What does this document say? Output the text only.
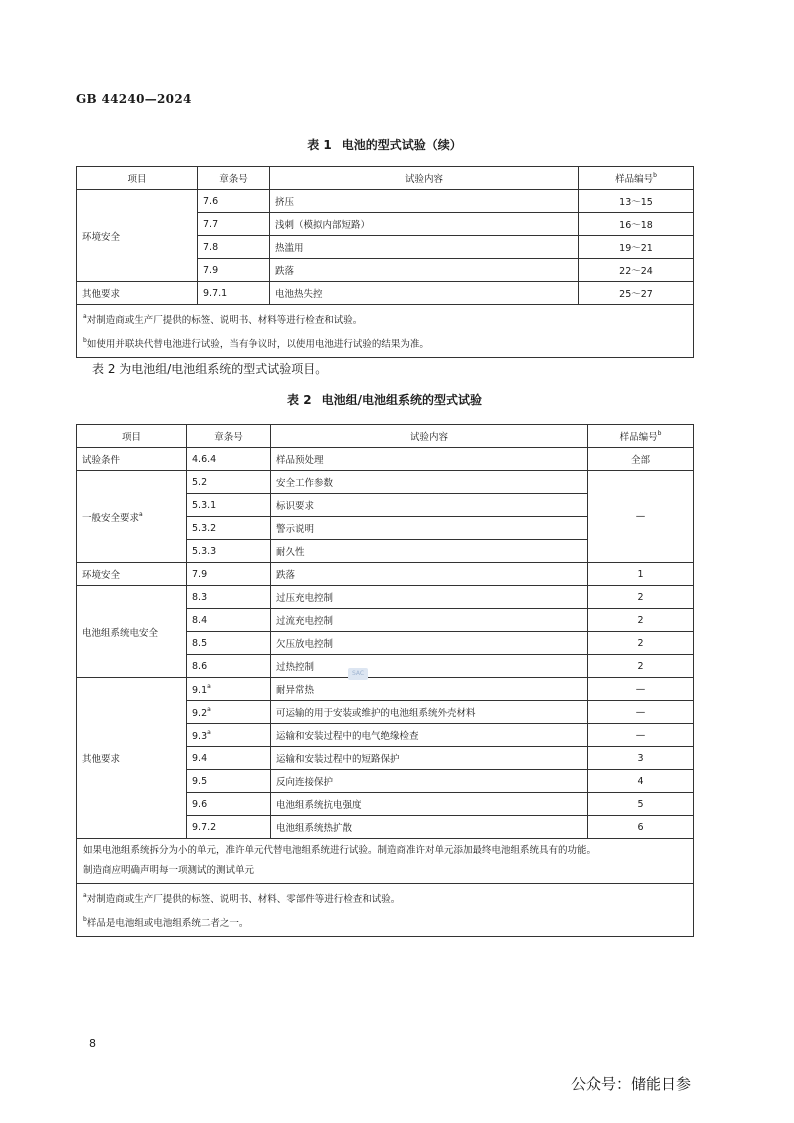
GB 44240—2024
表 1 电池的型式试验（续）
项目	章条号	试验内容	样品编号$^b$
环境安全	7.6	挤压	13～15
	7.7	浅刺（模拟内部短路）	16～18
	7.8	热滥用	19～21
	7.9	跌落	22～24
其他要求	9.7.1	电池热失控	25～27

$^a$对制造商或生产厂提供的标签、说明书、材料等进行检查和试验。
$^b$如使用并联块代替电池进行试验，当有争议时，以使用电池进行试验的结果为准。			
表 2 为电池组/电池组系统的型式试验项目。
表 2 电池组/电池组系统的型式试验
项目	章条号	试验内容	样品编号$^b$
试验条件	4.6.4	样品预处理	全部
一般安全要求$^a$	5.2	安全工作参数	—
	5.3.1	标识要求	
	5.3.2	警示说明	
	5.3.3	耐久性	
环境安全	7.9	跌落	1
电池组系统电安全	8.3	过压充电控制	2
	8.4	过流充电控制	2
	8.5	欠压放电控制	2
	8.6	过热控制	2
其他要求	9.1$^a$	耐异常热	—
	9.2$^a$	可运输的用于安装或维护的电池组系统外壳材料	—
	9.3$^a$	运输和安装过程中的电气绝缘检查	—
	9.4	运输和安装过程中的短路保护	3
	9.5	反向连接保护	4
	9.6	电池组系统抗电强度	5
	9.7.2	电池组系统热扩散	6

如果电池组系统拆分为小的单元，准许单元代替电池组系统进行试验。制造商准许对单元添加最终电池组系统具有的功能。
制造商应明确声明每一项测试的测试单元			

$^a$对制造商或生产厂提供的标签、说明书、材料、零部件等进行检查和试验。
$^b$样品是电池组或电池组系统二者之一。			
SAC
8
公众号：储能日参
